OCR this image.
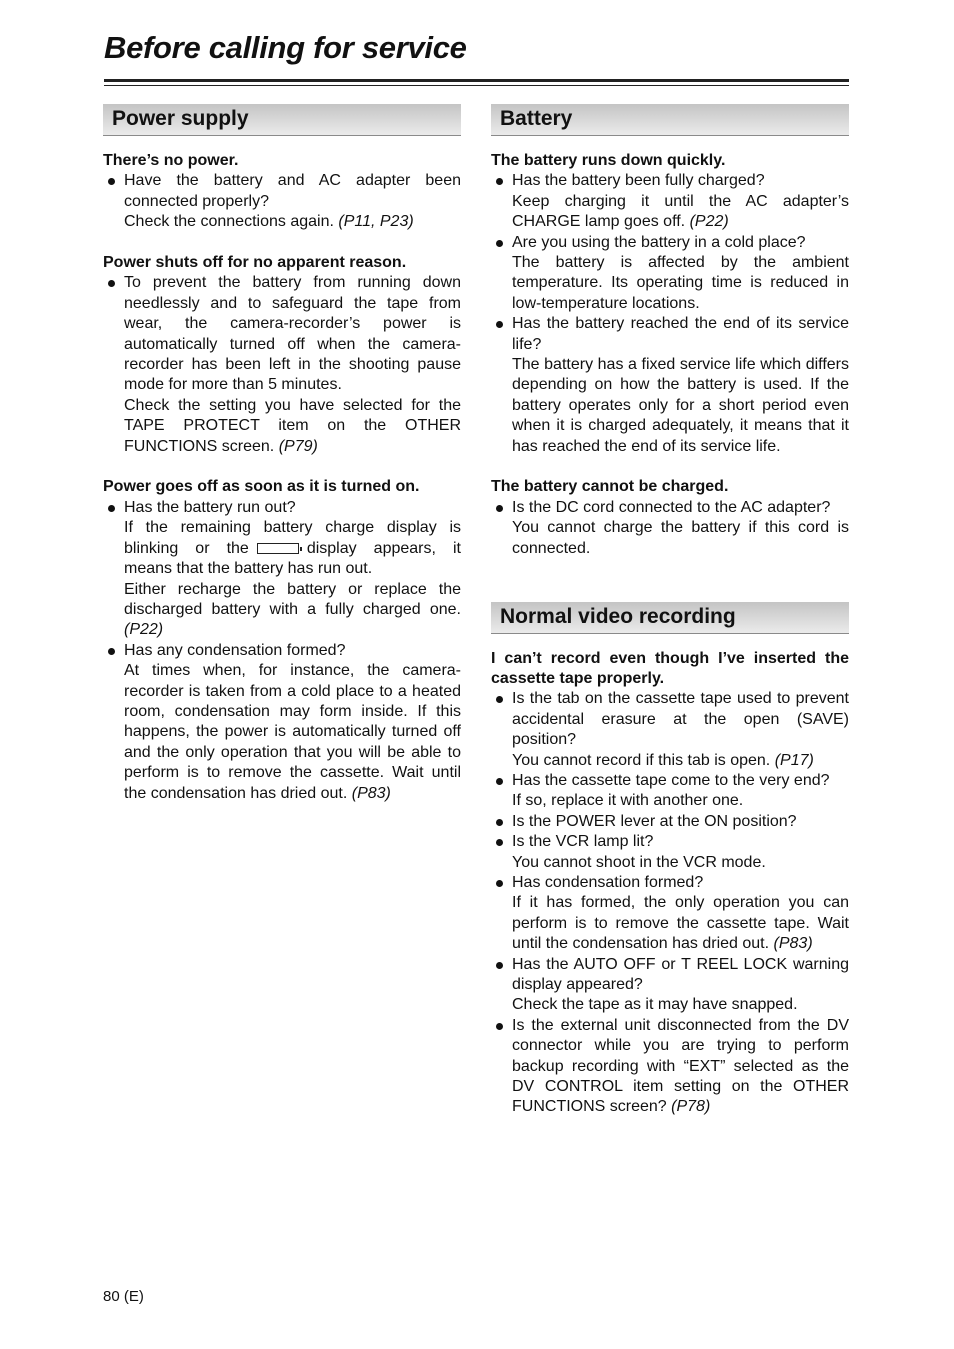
Before calling for service
Power supply

There’s no power.

Have the battery and AC adapter been connected properly?
Check the connections again. (P11, P23)

Power shuts off for no apparent reason.

To prevent the battery from running down needlessly and to safeguard the tape from wear, the camera-recorder’s power is automatically turned off when the camera-recorder has been left in the shooting pause mode for more than 5 minutes.
Check the setting you have selected for the TAPE PROTECT item on the OTHER FUNCTIONS screen. (P79)

Power goes off as soon as it is turned on.

Has the battery run out?
If the remaining battery charge display is blinking or the	display appears, it means that the battery has run out.
Either recharge the battery or replace the discharged battery with a fully charged one. (P22)
Has any condensation formed?
At times when, for instance, the camera-recorder is taken from a cold place to a heated room, condensation may form inside. If this happens, the power is automatically turned off and the only operation that you will be able to perform is to remove the cassette. Wait until the condensation has dried out. (P83)
Battery

The battery runs down quickly.

Has the battery been fully charged?
Keep charging it until the AC adapter’s CHARGE lamp goes off. (P22)
Are you using the battery in a cold place?
The battery is affected by the ambient temperature. Its operating time is reduced in low-temperature locations.
Has the battery reached the end of its service life?
The battery has a fixed service life which differs depending on how the battery is used. If the battery operates only for a short period even when it is charged adequately, it means that it has reached the end of its service life.

The battery cannot be charged.

Is the DC cord connected to the AC adapter?
You cannot charge the battery if this cord is connected.
Normal video recording

I can’t record even though I’ve inserted the cassette tape properly.

Is the tab on the cassette tape used to prevent accidental erasure at the open (SAVE) position?
You cannot record if this tab is open. (P17)
Has the cassette tape come to the very end?
If so, replace it with another one.
Is the POWER lever at the ON position?
Is the VCR lamp lit?
You cannot shoot in the VCR mode.
Has condensation formed?
If it has formed, the only operation you can perform is to remove the cassette tape. Wait until the condensation has dried out. (P83)
Has the AUTO OFF or T REEL LOCK warning display appeared?
Check the tape as it may have snapped.
Is the external unit disconnected from the DV connector while you are trying to perform backup recording with “EXT” selected as the DV CONTROL item setting on the OTHER FUNCTIONS screen? (P78)
80 (E)
